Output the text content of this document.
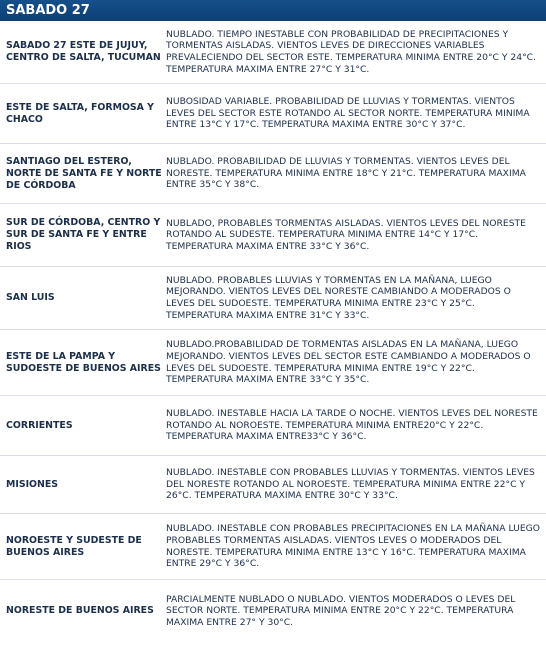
SABADO 27
SABADO 27 ESTE DE JUJUY, CENTRO DE SALTA, TUCUMAN
NUBLADO. TIEMPO INESTABLE CON PROBABILIDAD DE PRECIPITACIONES Y TORMENTAS AISLADAS. VIENTOS LEVES DE DIRECCIONES VARIABLES PREVALECIENDO DEL SECTOR ESTE. TEMPERATURA MINIMA ENTRE 20°C Y 24°C. TEMPERATURA MAXIMA ENTRE 27°C Y 31°C.
ESTE DE SALTA, FORMOSA Y CHACO
NUBOSIDAD VARIABLE. PROBABILIDAD DE LLUVIAS Y TORMENTAS. VIENTOS LEVES DEL SECTOR ESTE ROTANDO AL SECTOR NORTE. TEMPERATURA MINIMA ENTRE 13°C Y 17°C. TEMPERATURA MAXIMA ENTRE 30°C Y 37°C.
SANTIAGO DEL ESTERO, NORTE DE SANTA FE Y NORTE DE CÓRDOBA
NUBLADO. PROBABILIDAD DE LLUVIAS Y TORMENTAS. VIENTOS LEVES DEL NORESTE. TEMPERATURA MINIMA ENTRE 18°C Y 21°C. TEMPERATURA MAXIMA ENTRE 35°C Y 38°C.
SUR DE CÓRDOBA, CENTRO Y SUR DE SANTA FE Y ENTRE RIOS
NUBLADO, PROBABLES TORMENTAS AISLADAS. VIENTOS LEVES DEL NORESTE ROTANDO AL SUDESTE. TEMPERATURA MINIMA ENTRE 14°C Y 17°C. TEMPERATURA MAXIMA ENTRE 33°C Y 36°C.
SAN LUIS
NUBLADO. PROBABLES LLUVIAS Y TORMENTAS EN LA MAÑANA, LUEGO MEJORANDO. VIENTOS LEVES DEL NORESTE CAMBIANDO A MODERADOS O LEVES DEL SUDOESTE. TEMPERATURA MINIMA ENTRE 23°C Y 25°C. TEMPERATURA MAXIMA ENTRE 31°C Y 33°C.
ESTE DE LA PAMPA Y SUDOESTE DE BUENOS AIRES
NUBLADO.PROBABILIDAD DE TORMENTAS AISLADAS EN LA MAÑANA, LUEGO MEJORANDO. VIENTOS LEVES DEL SECTOR ESTE CAMBIANDO A MODERADOS O LEVES DEL SUDOESTE. TEMPERATURA MINIMA ENTRE 19°C Y 22°C. TEMPERATURA MAXIMA ENTRE 33°C Y 35°C.
CORRIENTES
NUBLADO. INESTABLE HACIA LA TARDE O NOCHE. VIENTOS LEVES DEL NORESTE ROTANDO AL NOROESTE. TEMPERATURA MINIMA ENTRE20°C Y 22°C. TEMPERATURA MAXIMA ENTRE33°C Y 36°C.
MISIONES
NUBLADO. INESTABLE CON PROBABLES LLUVIAS Y TORMENTAS. VIENTOS LEVES DEL NORESTE ROTANDO AL NOROESTE. TEMPERATURA MINIMA ENTRE 22°C Y 26°C. TEMPERATURA MAXIMA ENTRE 30°C Y 33°C.
NOROESTE Y SUDESTE DE BUENOS AIRES
NUBLADO. INESTABLE CON PROBABLES PRECIPITACIONES EN LA MAÑANA LUEGO PROBABLES TORMENTAS AISLADAS. VIENTOS LEVES O MODERADOS DEL NORESTE. TEMPERATURA MINIMA ENTRE 13°C Y 16°C. TEMPERATURA MAXIMA ENTRE 29°C Y 36°C.
NORESTE DE BUENOS AIRES
PARCIALMENTE NUBLADO O NUBLADO. VIENTOS MODERADOS O LEVES DEL SECTOR NORTE. TEMPERATURA MINIMA ENTRE 20°C Y 22°C. TEMPERATURA MAXIMA ENTRE 27° Y 30°C.
